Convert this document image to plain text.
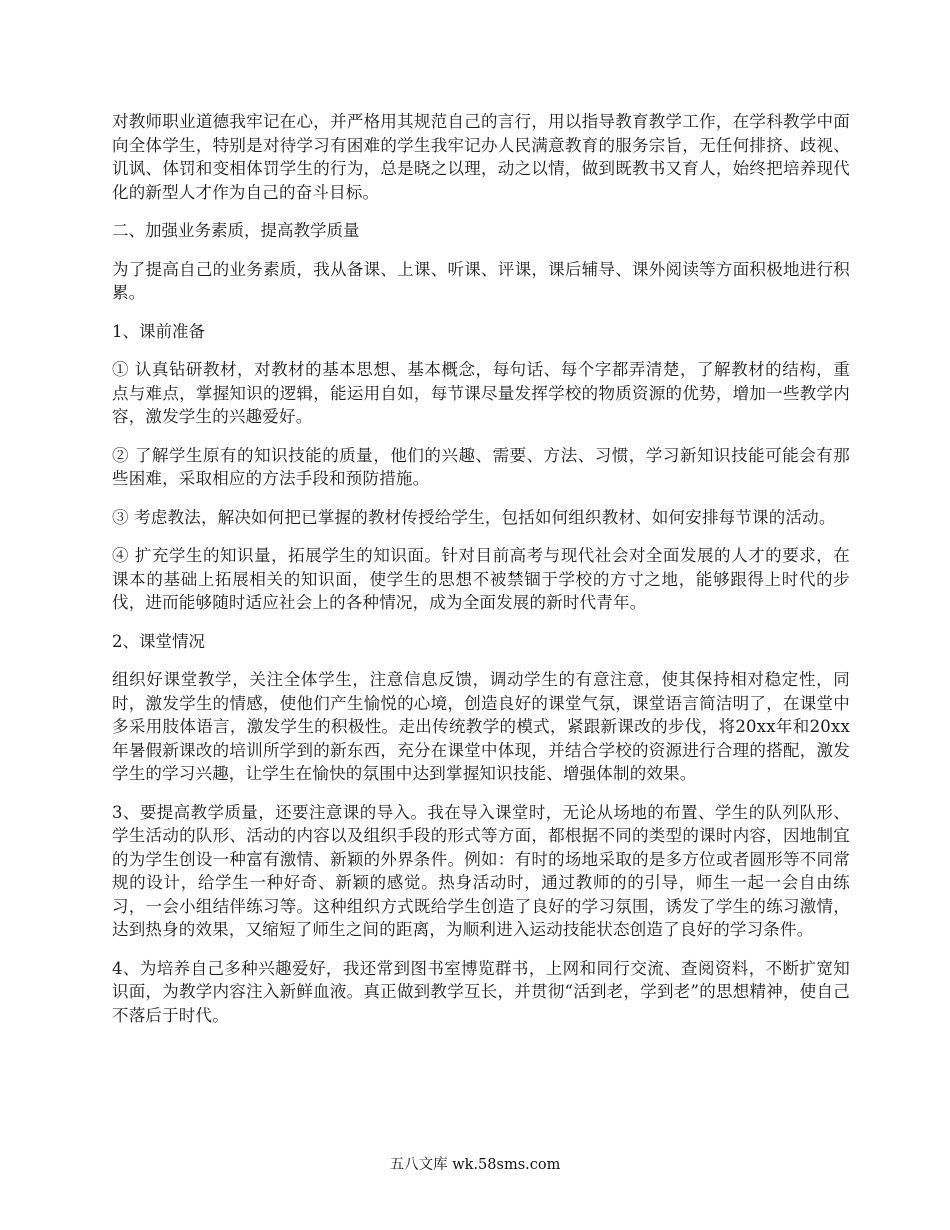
对教师职业道德我牢记在心，并严格用其规范自己的言行，用以指导教育教学工作，在学科教学中面向全体学生，特别是对待学习有困难的学生我牢记办人民满意教育的服务宗旨，无任何排挤、歧视、讥讽、体罚和变相体罚学生的行为，总是晓之以理，动之以情，做到既教书又育人，始终把培养现代化的新型人才作为自己的奋斗目标。

二、加强业务素质，提高教学质量

为了提高自己的业务素质，我从备课、上课、听课、评课，课后辅导、课外阅读等方面积极地进行积累。

1、课前准备

① 认真钻研教材，对教材的基本思想、基本概念，每句话、每个字都弄清楚，了解教材的结构，重点与难点，掌握知识的逻辑，能运用自如，每节课尽量发挥学校的物质资源的优势，增加一些教学内容，激发学生的兴趣爱好。

② 了解学生原有的知识技能的质量，他们的兴趣、需要、方法、习惯，学习新知识技能可能会有那些困难，采取相应的方法手段和预防措施。

③ 考虑教法，解决如何把已掌握的教材传授给学生，包括如何组织教材、如何安排每节课的活动。

④ 扩充学生的知识量，拓展学生的知识面。针对目前高考与现代社会对全面发展的人才的要求，在课本的基础上拓展相关的知识面，使学生的思想不被禁锢于学校的方寸之地，能够跟得上时代的步伐，进而能够随时适应社会上的各种情况，成为全面发展的新时代青年。

2、课堂情况

组织好课堂教学，关注全体学生，注意信息反馈，调动学生的有意注意，使其保持相对稳定性，同时，激发学生的情感，使他们产生愉悦的心境，创造良好的课堂气氛，课堂语言简洁明了，在课堂中多采用肢体语言，激发学生的积极性。走出传统教学的模式，紧跟新课改的步伐，将20xx年和20xx年暑假新课改的培训所学到的新东西，充分在课堂中体现，并结合学校的资源进行合理的搭配，激发学生的学习兴趣，让学生在愉快的氛围中达到掌握知识技能、增强体制的效果。

3、要提高教学质量，还要注意课的导入。我在导入课堂时，无论从场地的布置、学生的队列队形、学生活动的队形、活动的内容以及组织手段的形式等方面，都根据不同的类型的课时内容，因地制宜的为学生创设一种富有激情、新颖的外界条件。例如：有时的场地采取的是多方位或者圆形等不同常规的设计，给学生一种好奇、新颖的感觉。热身活动时，通过教师的的引导，师生一起一会自由练习，一会小组结伴练习等。这种组织方式既给学生创造了良好的学习氛围，诱发了学生的练习激情，达到热身的效果，又缩短了师生之间的距离，为顺利进入运动技能状态创造了良好的学习条件。

4、为培养自己多种兴趣爱好，我还常到图书室博览群书，上网和同行交流、查阅资料，不断扩宽知识面，为教学内容注入新鲜血液。真正做到教学互长，并贯彻“活到老，学到老”的思想精神，使自己不落后于时代。

五八文库 wk.58sms.com
